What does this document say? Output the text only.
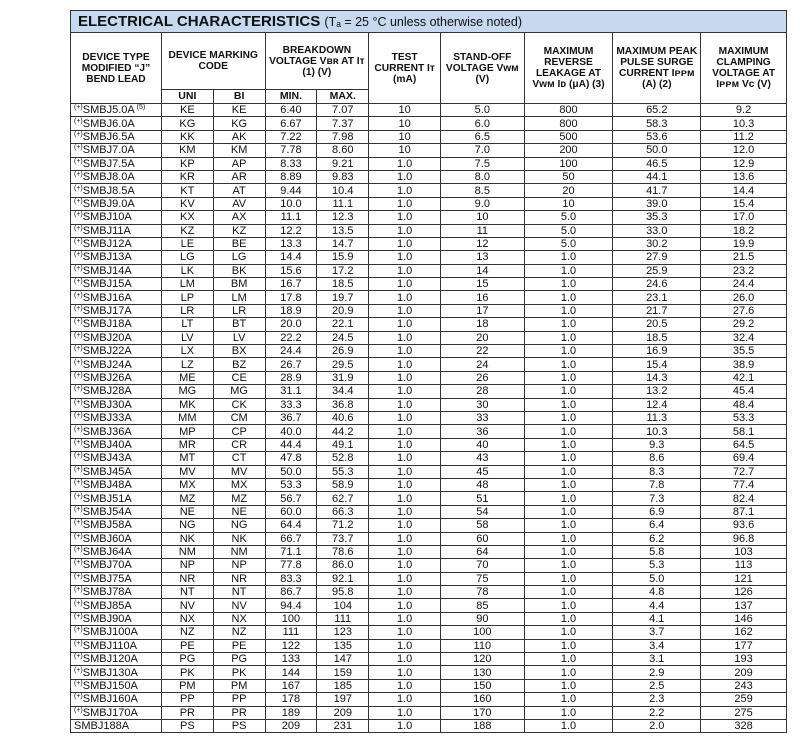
ELECTRICAL CHARACTERISTICS (Tₐ = 25 °C unless otherwise noted)									
DEVICE TYPE MODIFIED “J” BEND LEAD	DEVICE MARKING CODE		BREAKDOWN VOLTAGE Vʙʀ AT Iᴛ (1) (V)		TEST CURRENT Iᴛ (mA)	STAND-OFF VOLTAGE Vᴡᴍ (V)	MAXIMUM REVERSE LEAKAGE AT Vᴡᴍ Iᴅ (μA) (3)	MAXIMUM PEAK PULSE SURGE CURRENT Iᴘᴘᴍ (A) (2)	MAXIMUM CLAMPING VOLTAGE AT Iᴘᴘᴍ Vᴄ (V)
	UNI	BI	MIN.	MAX.					
(+)SMBJ5.0A $^{(5)}$	KE	KE	6.40	7.07	10	5.0	800	65.2	9.2
(+)SMBJ6.0A	KG	KG	6.67	7.37	10	6.0	800	58.3	10.3
(+)SMBJ6.5A	KK	AK	7.22	7.98	10	6.5	500	53.6	11.2
(+)SMBJ7.0A	KM	KM	7.78	8.60	10	7.0	200	50.0	12.0
(+)SMBJ7.5A	KP	AP	8.33	9.21	1.0	7.5	100	46.5	12.9
(+)SMBJ8.0A	KR	AR	8.89	9.83	1.0	8.0	50	44.1	13.6
(+)SMBJ8.5A	KT	AT	9.44	10.4	1.0	8.5	20	41.7	14.4
(+)SMBJ9.0A	KV	AV	10.0	11.1	1.0	9.0	10	39.0	15.4
(+)SMBJ10A	KX	AX	11.1	12.3	1.0	10	5.0	35.3	17.0
(+)SMBJ11A	KZ	KZ	12.2	13.5	1.0	11	5.0	33.0	18.2
(+)SMBJ12A	LE	BE	13.3	14.7	1.0	12	5.0	30.2	19.9
(+)SMBJ13A	LG	LG	14.4	15.9	1.0	13	1.0	27.9	21.5
(+)SMBJ14A	LK	BK	15.6	17.2	1.0	14	1.0	25.9	23.2
(+)SMBJ15A	LM	BM	16.7	18.5	1.0	15	1.0	24.6	24.4
(+)SMBJ16A	LP	LM	17.8	19.7	1.0	16	1.0	23.1	26.0
(+)SMBJ17A	LR	LR	18.9	20.9	1.0	17	1.0	21.7	27.6
(+)SMBJ18A	LT	BT	20.0	22.1	1.0	18	1.0	20.5	29.2
(+)SMBJ20A	LV	LV	22.2	24.5	1.0	20	1.0	18.5	32.4
(+)SMBJ22A	LX	BX	24.4	26.9	1.0	22	1.0	16.9	35.5
(+)SMBJ24A	LZ	BZ	26.7	29.5	1.0	24	1.0	15.4	38.9
(+)SMBJ26A	ME	CE	28.9	31.9	1.0	26	1.0	14.3	42.1
(+)SMBJ28A	MG	MG	31.1	34.4	1.0	28	1.0	13.2	45.4
(+)SMBJ30A	MK	CK	33.3	36.8	1.0	30	1.0	12.4	48.4
(+)SMBJ33A	MM	CM	36.7	40.6	1.0	33	1.0	11.3	53.3
(+)SMBJ36A	MP	CP	40.0	44.2	1.0	36	1.0	10.3	58.1
(+)SMBJ40A	MR	CR	44.4	49.1	1.0	40	1.0	9.3	64.5
(+)SMBJ43A	MT	CT	47.8	52.8	1.0	43	1.0	8.6	69.4
(+)SMBJ45A	MV	MV	50.0	55.3	1.0	45	1.0	8.3	72.7
(+)SMBJ48A	MX	MX	53.3	58.9	1.0	48	1.0	7.8	77.4
(+)SMBJ51A	MZ	MZ	56.7	62.7	1.0	51	1.0	7.3	82.4
(+)SMBJ54A	NE	NE	60.0	66.3	1.0	54	1.0	6.9	87.1
(+)SMBJ58A	NG	NG	64.4	71.2	1.0	58	1.0	6.4	93.6
(+)SMBJ60A	NK	NK	66.7	73.7	1.0	60	1.0	6.2	96.8
(+)SMBJ64A	NM	NM	71.1	78.6	1.0	64	1.0	5.8	103
(+)SMBJ70A	NP	NP	77.8	86.0	1.0	70	1.0	5.3	113
(+)SMBJ75A	NR	NR	83.3	92.1	1.0	75	1.0	5.0	121
(+)SMBJ78A	NT	NT	86.7	95.8	1.0	78	1.0	4.8	126
(+)SMBJ85A	NV	NV	94.4	104	1.0	85	1.0	4.4	137
(+)SMBJ90A	NX	NX	100	111	1.0	90	1.0	4.1	146
(+)SMBJ100A	NZ	NZ	111	123	1.0	100	1.0	3.7	162
(+)SMBJ110A	PE	PE	122	135	1.0	110	1.0	3.4	177
(+)SMBJ120A	PG	PG	133	147	1.0	120	1.0	3.1	193
(+)SMBJ130A	PK	PK	144	159	1.0	130	1.0	2.9	209
(+)SMBJ150A	PM	PM	167	185	1.0	150	1.0	2.5	243
(+)SMBJ160A	PP	PP	178	197	1.0	160	1.0	2.3	259
(+)SMBJ170A	PR	PR	189	209	1.0	170	1.0	2.2	275
SMBJ188A	PS	PS	209	231	1.0	188	1.0	2.0	328
